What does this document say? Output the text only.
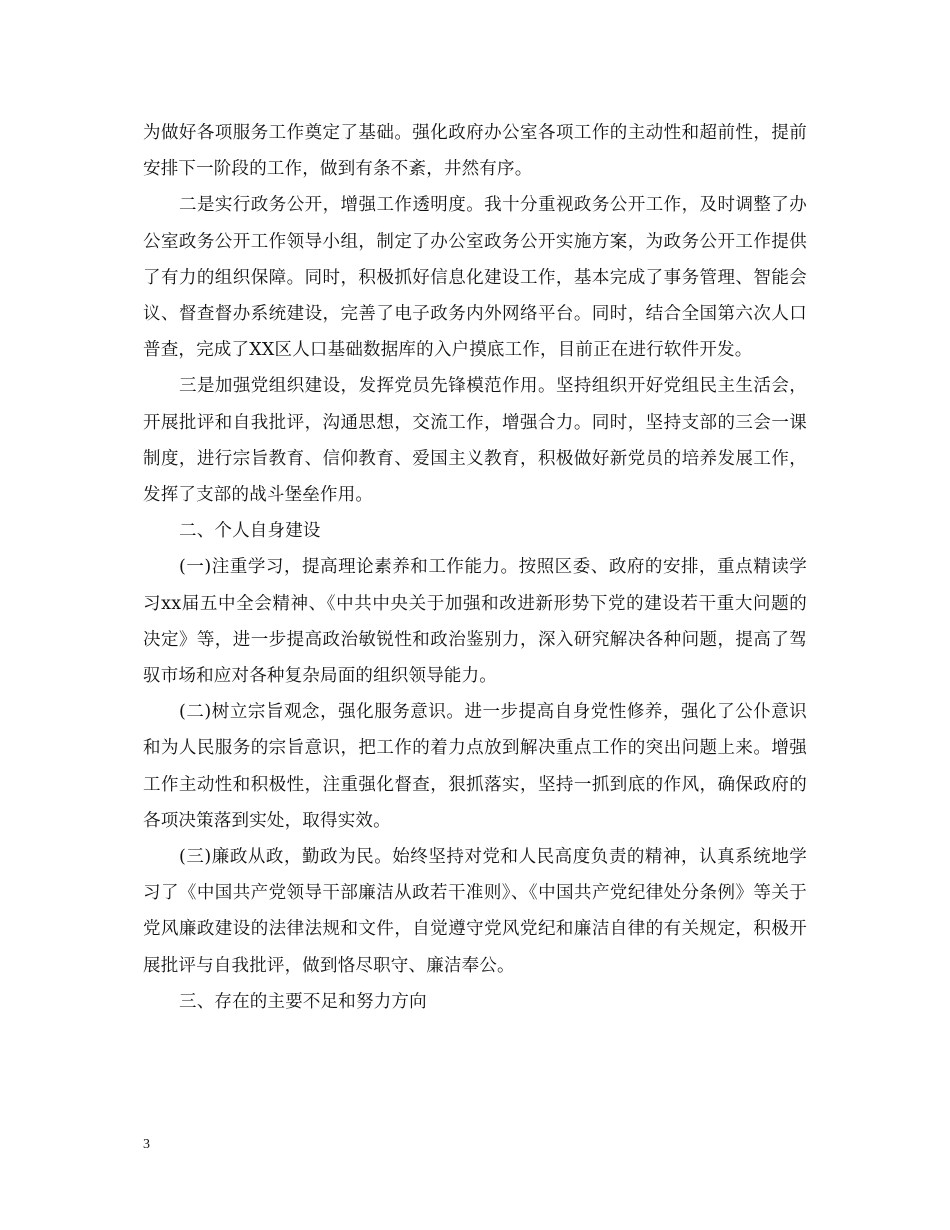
为做好各项服务工作奠定了基础。强化政府办公室各项工作的主动性和超前性，提前安排下一阶段的工作，做到有条不紊，井然有序。

二是实行政务公开，增强工作透明度。我十分重视政务公开工作，及时调整了办公室政务公开工作领导小组，制定了办公室政务公开实施方案，为政务公开工作提供了有力的组织保障。同时，积极抓好信息化建设工作，基本完成了事务管理、智能会议、督查督办系统建设，完善了电子政务内外网络平台。同时，结合全国第六次人口普查，完成了XX区人口基础数据库的入户摸底工作，目前正在进行软件开发。

三是加强党组织建设，发挥党员先锋模范作用。坚持组织开好党组民主生活会，开展批评和自我批评，沟通思想，交流工作，增强合力。同时，坚持支部的三会一课制度，进行宗旨教育、信仰教育、爱国主义教育，积极做好新党员的培养发展工作，发挥了支部的战斗堡垒作用。

二、个人自身建设

(一)注重学习，提高理论素养和工作能力。按照区委、政府的安排，重点精读学习xx届五中全会精神、《中共中央关于加强和改进新形势下党的建设若干重大问题的决定》等，进一步提高政治敏锐性和政治鉴别力，深入研究解决各种问题，提高了驾驭市场和应对各种复杂局面的组织领导能力。

(二)树立宗旨观念，强化服务意识。进一步提高自身党性修养，强化了公仆意识和为人民服务的宗旨意识，把工作的着力点放到解决重点工作的突出问题上来。增强工作主动性和积极性，注重强化督查，狠抓落实，坚持一抓到底的作风，确保政府的各项决策落到实处，取得实效。

(三)廉政从政，勤政为民。始终坚持对党和人民高度负责的精神，认真系统地学习了《中国共产党领导干部廉洁从政若干准则》、《中国共产党纪律处分条例》等关于党风廉政建设的法律法规和文件，自觉遵守党风党纪和廉洁自律的有关规定，积极开展批评与自我批评，做到恪尽职守、廉洁奉公。

三、存在的主要不足和努力方向

3
